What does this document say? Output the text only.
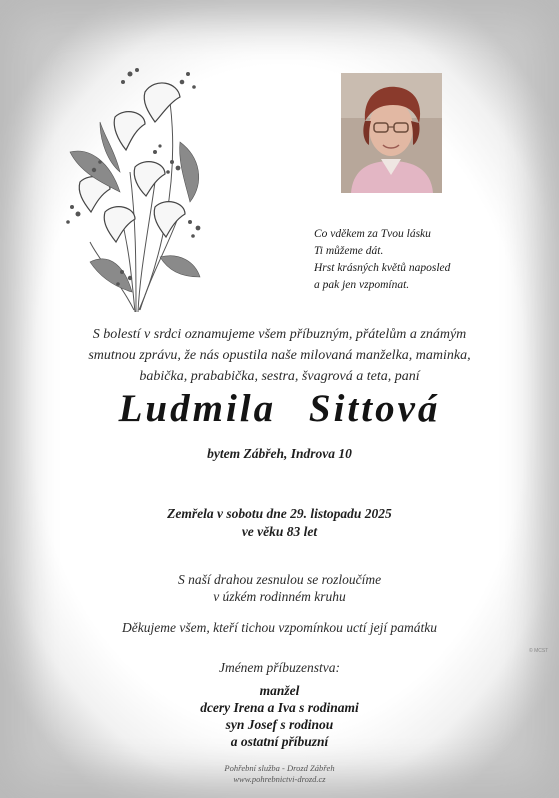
Co vděkem za Tvou lásku
Ti můžeme dát.
Hrst krásných květů naposled
a pak jen vzpomínat.
S bolestí v srdci oznamujeme všem příbuzným, přátelům a známým
smutnou zprávu, že nás opustila naše milovaná manželka, maminka,
babička, prababička, sestra, švagrová a teta, paní
Ludmila Sittová
bytem Zábřeh, Indrova 10
Zemřela v sobotu dne 29. listopadu 2025
ve věku 83 let
S naší drahou zesnulou se rozloučíme
v úzkém rodinném kruhu
Děkujeme všem, kteří tichou vzpomínkou uctí její památku
Jménem příbuzenstva:
manžel
dcery Irena a Iva s rodinami
syn Josef s rodinou
a ostatní příbuzní
Pohřební služba - Drozd Zábřeh
www.pohrebnictvi-drozd.cz
© MCST
